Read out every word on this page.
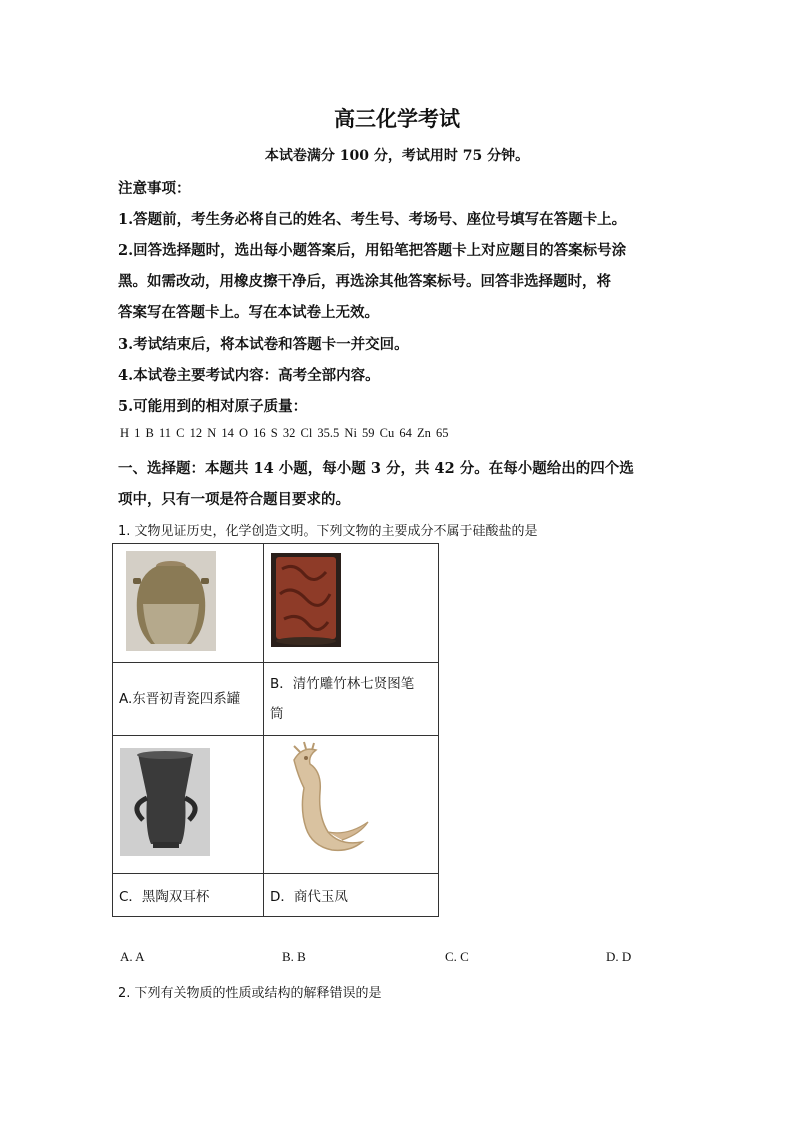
高三化学考试
本试卷满分 100 分，考试用时 75 分钟。
注意事项：
1.答题前，考生务必将自己的姓名、考生号、考场号、座位号填写在答题卡上。
2.回答选择题时，选出每小题答案后，用铅笔把答题卡上对应题目的答案标号涂
黑。如需改动，用橡皮擦干净后，再选涂其他答案标号。回答非选择题时，将
答案写在答题卡上。写在本试卷上无效。
3.考试结束后，将本试卷和答题卡一并交回。
4.本试卷主要考试内容：高考全部内容。
5.可能用到的相对原子质量：
H 1 B 11 C 12 N 14 O 16 S 32 Cl 35.5 Ni 59 Cu 64 Zn 65
一、选择题：本题共 14 小题，每小题 3 分，共 42 分。在每小题给出的四个选
项中，只有一项是符合题目要求的。
1. 文物见证历史，化学创造文明。下列文物的主要成分不属于硅酸盐的是

A.东晋初青瓷四系罐	B．清竹雕竹林七贤图笔
筒

C．黑陶双耳杯	D．商代玉凤
A. A	B. B	C. C	D. D
2. 下列有关物质的性质或结构的解释错误的是
